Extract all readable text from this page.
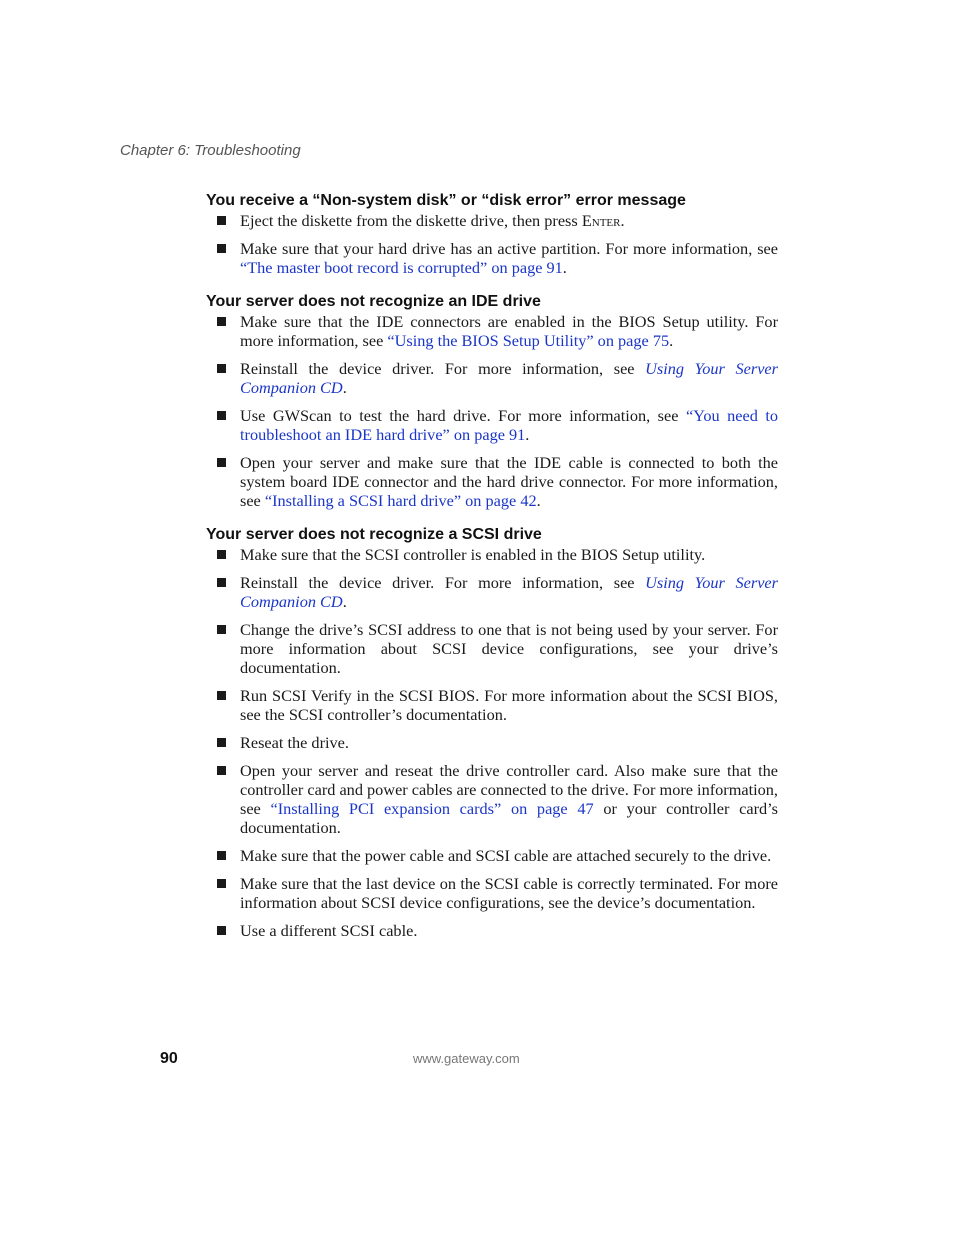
Chapter 6: Troubleshooting
You receive a “Non-system disk” or “disk error” error message
Eject the diskette from the diskette drive, then press Enter.
Make sure that your hard drive has an active partition. For more information, see “The master boot record is corrupted” on page 91.
Your server does not recognize an IDE drive
Make sure that the IDE connectors are enabled in the BIOS Setup utility. For more information, see “Using the BIOS Setup Utility” on page 75.
Reinstall the device driver. For more information, see Using Your Server Companion CD.
Use GWScan to test the hard drive. For more information, see “You need to troubleshoot an IDE hard drive” on page 91.
Open your server and make sure that the IDE cable is connected to both the system board IDE connector and the hard drive connector. For more information, see “Installing a SCSI hard drive” on page 42.
Your server does not recognize a SCSI drive
Make sure that the SCSI controller is enabled in the BIOS Setup utility.
Reinstall the device driver. For more information, see Using Your Server Companion CD.
Change the drive’s SCSI address to one that is not being used by your server. For more information about SCSI device configurations, see your drive’s documentation.
Run SCSI Verify in the SCSI BIOS. For more information about the SCSI BIOS, see the SCSI controller’s documentation.
Reseat the drive.
Open your server and reseat the drive controller card. Also make sure that the controller card and power cables are connected to the drive. For more information, see “Installing PCI expansion cards” on page 47 or your controller card’s documentation.
Make sure that the power cable and SCSI cable are attached securely to the drive.
Make sure that the last device on the SCSI cable is correctly terminated. For more information about SCSI device configurations, see the device’s documentation.
Use a different SCSI cable.
90	www.gateway.com
